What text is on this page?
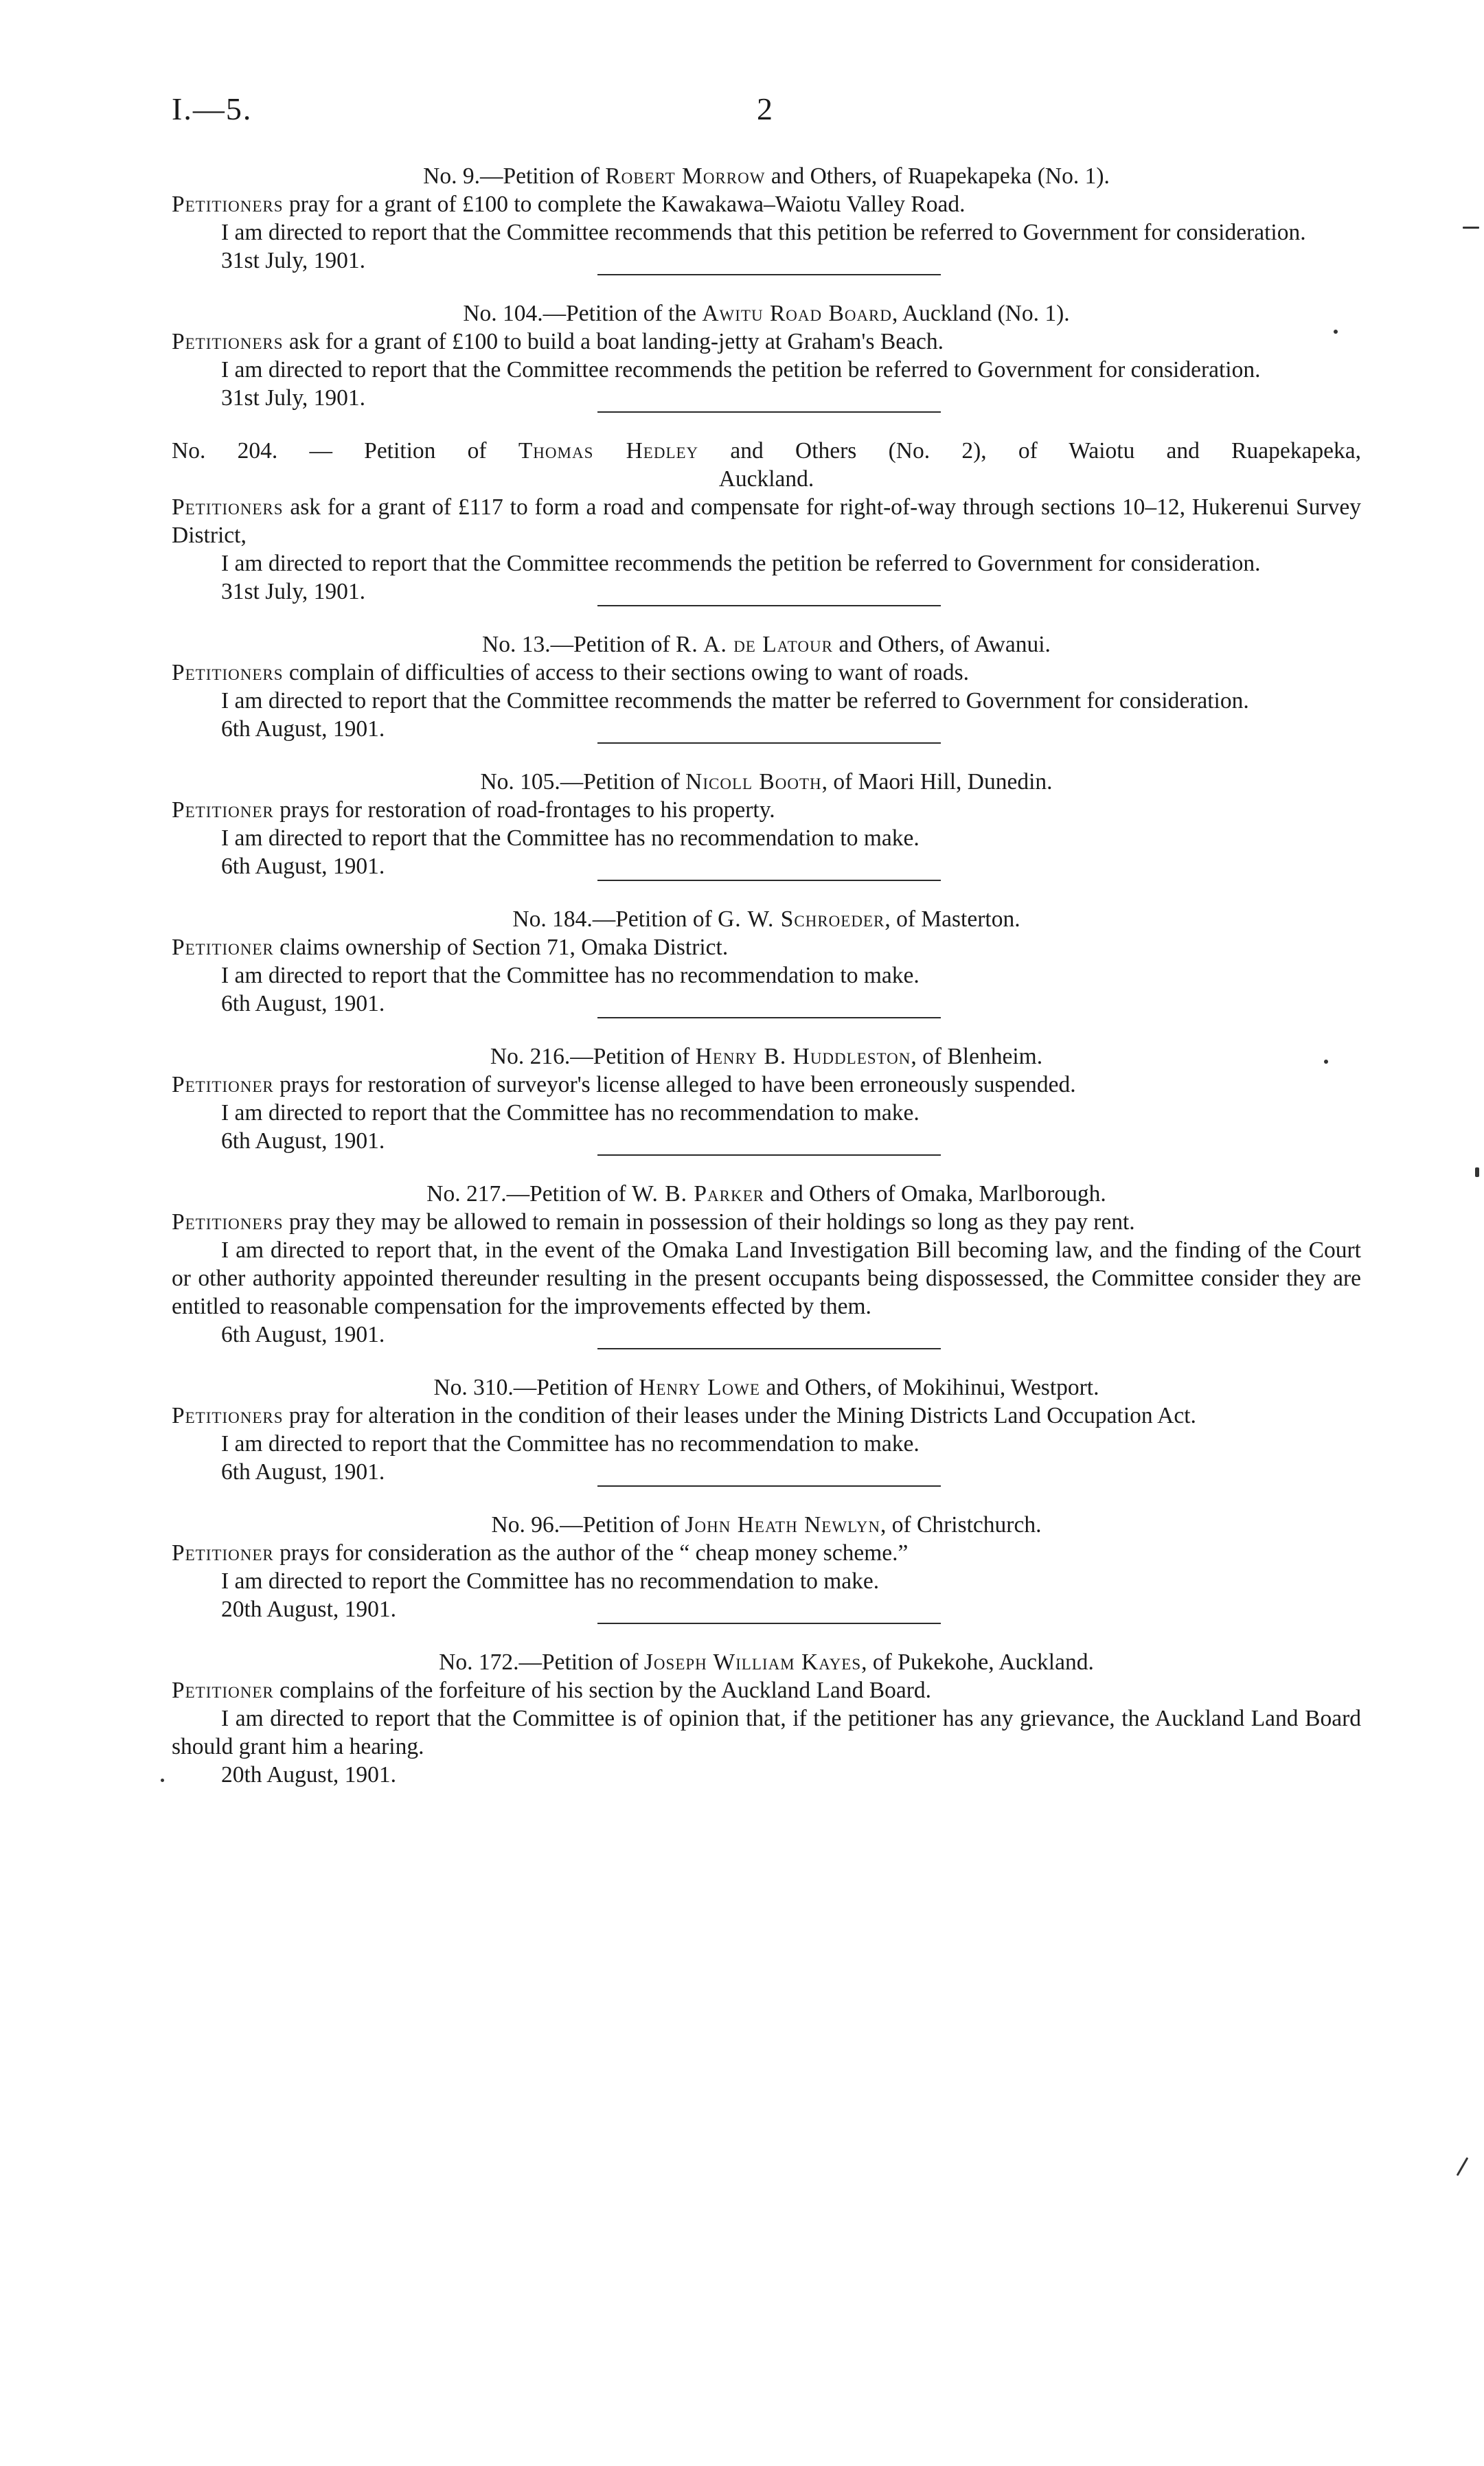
I.—5.	2

No. 9.—Petition of Robert Morrow and Others, of Ruapekapeka (No. 1).

Petitioners pray for a grant of £100 to complete the Kawakawa–Waiotu Valley Road.

I am directed to report that the Committee recommends that this petition be referred to Government for consideration.

31st July, 1901.

No. 104.—Petition of the Awitu Road Board, Auckland (No. 1).

Petitioners ask for a grant of £100 to build a boat landing-jetty at Graham's Beach.

I am directed to report that the Committee recommends the petition be referred to Government for consideration.

31st July, 1901.

No. 204. — Petition of Thomas Hedley and Others (No. 2), of Waiotu and Ruapekapeka,

Auckland.

Petitioners ask for a grant of £117 to form a road and compensate for right-of-way through sections 10–12, Hukerenui Survey District,

I am directed to report that the Committee recommends the petition be referred to Government for consideration.

31st July, 1901.

No. 13.—Petition of R. A. de Latour and Others, of Awanui.

Petitioners complain of difficulties of access to their sections owing to want of roads.

I am directed to report that the Committee recommends the matter be referred to Government for consideration.

6th August, 1901.

No. 105.—Petition of Nicoll Booth, of Maori Hill, Dunedin.

Petitioner prays for restoration of road-frontages to his property.

I am directed to report that the Committee has no recommendation to make.

6th August, 1901.

No. 184.—Petition of G. W. Schroeder, of Masterton.

Petitioner claims ownership of Section 71, Omaka District.

I am directed to report that the Committee has no recommendation to make.

6th August, 1901.

No. 216.—Petition of Henry B. Huddleston, of Blenheim.

Petitioner prays for restoration of surveyor's license alleged to have been erroneously suspended.

I am directed to report that the Committee has no recommendation to make.

6th August, 1901.

No. 217.—Petition of W. B. Parker and Others of Omaka, Marlborough.

Petitioners pray they may be allowed to remain in possession of their holdings so long as they pay rent.

I am directed to report that, in the event of the Omaka Land Investigation Bill becoming law, and the finding of the Court or other authority appointed thereunder resulting in the present occupants being dispossessed, the Committee consider they are entitled to reasonable compensation for the improvements effected by them.

6th August, 1901.

No. 310.—Petition of Henry Lowe and Others, of Mokihinui, Westport.

Petitioners pray for alteration in the condition of their leases under the Mining Districts Land Occupation Act.

I am directed to report that the Committee has no recommendation to make.

6th August, 1901.

No. 96.—Petition of John Heath Newlyn, of Christchurch.

Petitioner prays for consideration as the author of the “ cheap money scheme.”

I am directed to report the Committee has no recommendation to make.

20th August, 1901.

No. 172.—Petition of Joseph William Kayes, of Pukekohe, Auckland.

Petitioner complains of the forfeiture of his section by the Auckland Land Board.

I am directed to report that the Committee is of opinion that, if the petitioner has any grievance, the Auckland Land Board should grant him a hearing.

20th August, 1901.
